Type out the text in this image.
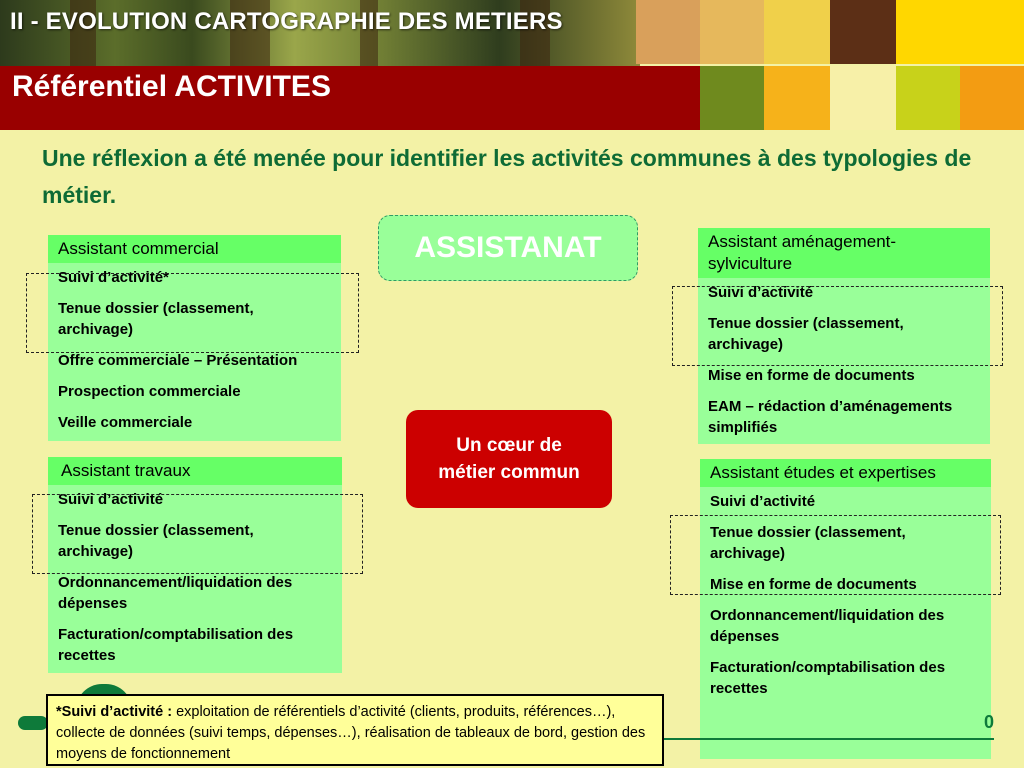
II - EVOLUTION CARTOGRAPHIE DES METIERS
Référentiel ACTIVITES
Une réflexion a été menée pour identifier les activités communes à des typologies de métier.
ASSISTANAT
Un cœur de métier commun
Assistant commercial
Suivi d’activité*
Tenue dossier (classement, archivage)
Offre commerciale – Présentation
Prospection commerciale
Veille commerciale
Assistant travaux
Suivi d’activité
Tenue dossier (classement, archivage)
Ordonnancement/liquidation des dépenses
Facturation/comptabilisation des recettes
Assistant aménagement-sylviculture
Suivi d’activité
Tenue dossier (classement, archivage)
Mise en forme de documents
EAM – rédaction d’aménagements simplifiés
Assistant études et expertises
Suivi d’activité
Tenue dossier (classement, archivage)
Mise en forme de documents
Ordonnancement/liquidation des dépenses
Facturation/comptabilisation des recettes
0
*Suivi d’activité : exploitation de référentiels d’activité (clients, produits, références…), collecte de données (suivi temps, dépenses…), réalisation de tableaux de bord, gestion des moyens de fonctionnement
